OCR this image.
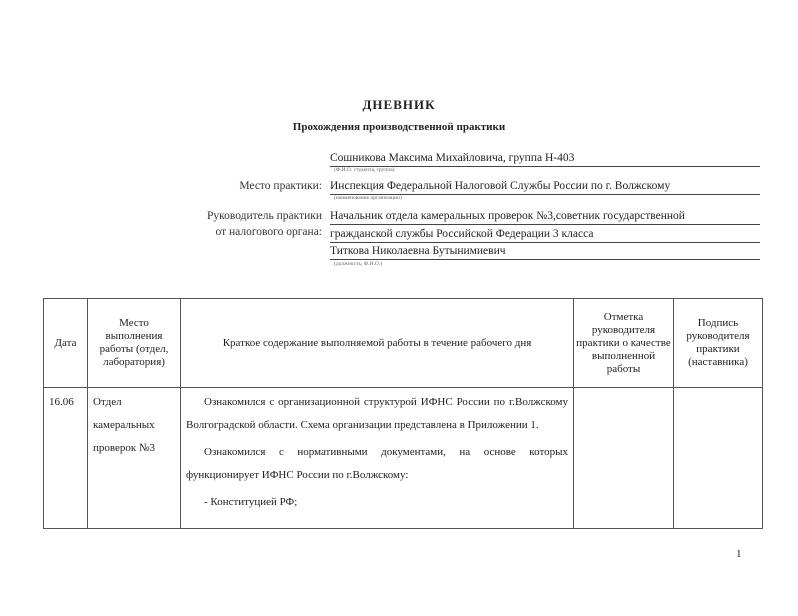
ДНЕВНИК
Прохождения производственной практики
Сошникова Максима Михайловича, группа Н-403
(Ф.И.О. студента, группа)
Место практики: Инспекция Федеральной Налоговой Службы России по г. Волжскому
(наименование организации)
Руководитель практики
от налогового органа:
Начальник отдела камеральных проверок №3,советник государственной
гражданской службы Российской Федерации 3 класса
Титкова Николаевна Бутынимиевич
(должность, Ф.И.О.)
Дата	Место выполнения работы (отдел, лаборатория)	Краткое содержание выполняемой работы в течение рабочего дня	Отметка руководителя практики о качестве выполненной работы	Подпись руководителя практики (наставника)

16.06	Отдел камеральных проверок №3	Ознакомился с организационной структурой ИФНС России по г.Волжскому Волгоградской области. Схема организации представлена в Приложении 1.
Ознакомился с нормативными документами, на основе которых функционирует ИФНС России по г.Волжскому:
- Конституцией РФ;		

1
